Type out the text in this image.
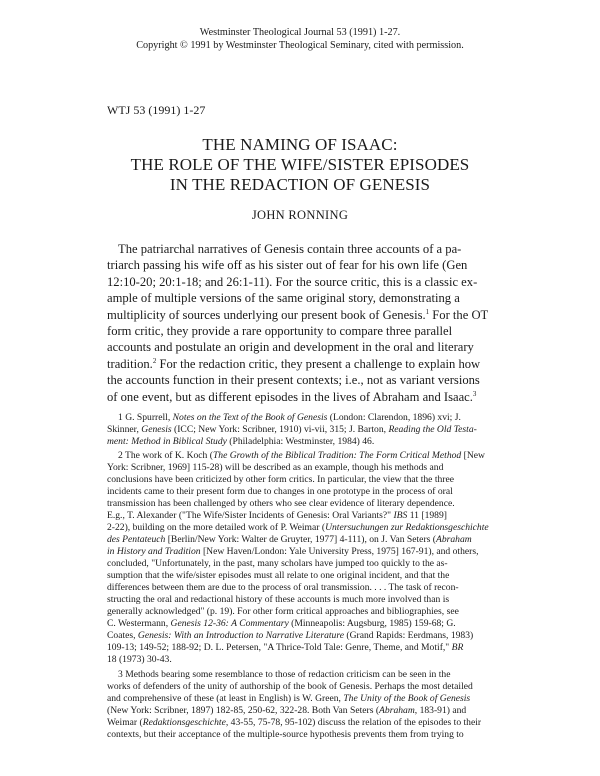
Westminster Theological Journal 53 (1991) 1-27.
Copyright © 1991 by Westminster Theological Seminary, cited with permission.
WTJ 53 (1991) 1-27
THE NAMING OF ISAAC:
THE ROLE OF THE WIFE/SISTER EPISODES
IN THE REDACTION OF GENESIS
JOHN RONNING
The patriarchal narratives of Genesis contain three accounts of a pa-
triarch passing his wife off as his sister out of fear for his own life (Gen
12:10-20; 20:1-18; and 26:1-11). For the source critic, this is a classic ex-
ample of multiple versions of the same original story, demonstrating a
multiplicity of sources underlying our present book of Genesis.$^1$ For the OT
form critic, they provide a rare opportunity to compare three parallel
accounts and postulate an origin and development in the oral and literary
tradition.$^2$ For the redaction critic, they present a challenge to explain how
the accounts function in their present contexts; i.e., not as variant versions
of one event, but as different episodes in the lives of Abraham and Isaac.$^3$
1 G. Spurrell, Notes on the Text of the Book of Genesis (London: Clarendon, 1896) xvi; J.
Skinner, Genesis (ICC; New York: Scribner, 1910) vi-vii, 315; J. Barton, Reading the Old Testa-
ment: Method in Biblical Study (Philadelphia: Westminster, 1984) 46.
2 The work of K. Koch (The Growth of the Biblical Tradition: The Form Critical Method [New
York: Scribner, 1969] 115-28) will be described as an example, though his methods and
conclusions have been criticized by other form critics. In particular, the view that the three
incidents came to their present form due to changes in one prototype in the process of oral
transmission has been challenged by others who see clear evidence of literary dependence.
E.g., T. Alexander ("The Wife/Sister Incidents of Genesis: Oral Variants?" IBS 11 [1989]
2-22), building on the more detailed work of P. Weimar (Untersuchungen zur Redaktionsgeschichte
des Pentateuch [Berlin/New York: Walter de Gruyter, 1977] 4-111), on J. Van Seters (Abraham
in History and Tradition [New Haven/London: Yale University Press, 1975] 167-91), and others,
concluded, "Unfortunately, in the past, many scholars have jumped too quickly to the as-
sumption that the wife/sister episodes must all relate to one original incident, and that the
differences between them are due to the process of oral transmission. . . . The task of recon-
structing the oral and redactional history of these accounts is much more involved than is
generally acknowledged" (p. 19). For other form critical approaches and bibliographies, see
C. Westermann, Genesis 12-36: A Commentary (Minneapolis: Augsburg, 1985) 159-68; G.
Coates, Genesis: With an Introduction to Narrative Literature (Grand Rapids: Eerdmans, 1983)
109-13; 149-52; 188-92; D. L. Petersen, "A Thrice-Told Tale: Genre, Theme, and Motif," BR
18 (1973) 30-43.
3 Methods bearing some resemblance to those of redaction criticism can be seen in the
works of defenders of the unity of authorship of the book of Genesis. Perhaps the most detailed
and comprehensive of these (at least in English) is W. Green, The Unity of the Book of Genesis
(New York: Scribner, 1897) 182-85, 250-62, 322-28. Both Van Seters (Abraham, 183-91) and
Weimar (Redaktionsgeschichte, 43-55, 75-78, 95-102) discuss the relation of the episodes to their
contexts, but their acceptance of the multiple-source hypothesis prevents them from trying to
